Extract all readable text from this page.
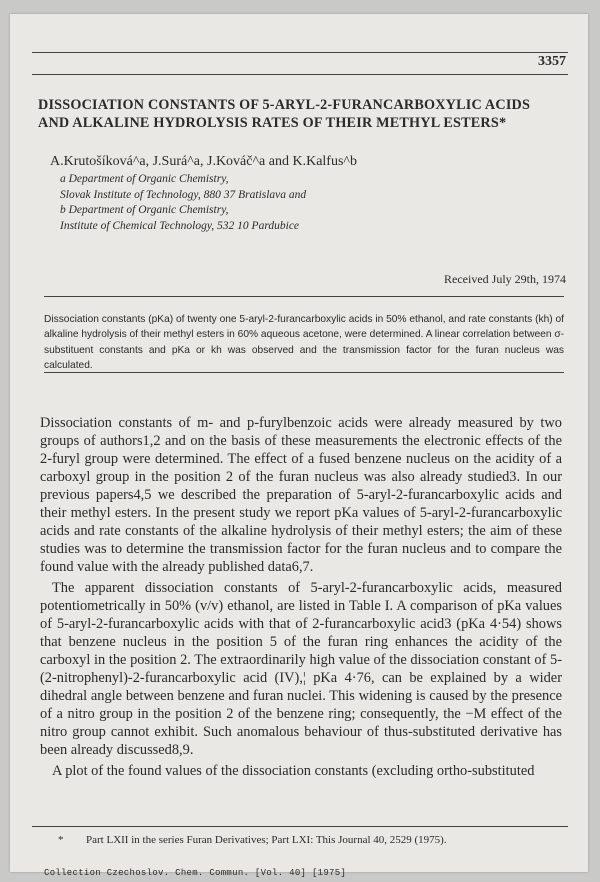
3357
DISSOCIATION CONSTANTS OF 5-ARYL-2-FURANCARBOXYLIC ACIDS
AND ALKALINE HYDROLYSIS RATES OF THEIR METHYL ESTERS*
A.Krutošíková^a, J.Surá^a, J.Kováč^a and K.Kalfus^b
a Department of Organic Chemistry,
Slovak Institute of Technology, 880 37 Bratislava and
b Department of Organic Chemistry,
Institute of Chemical Technology, 532 10 Pardubice
Received July 29th, 1974
Dissociation constants (pKa) of twenty one 5-aryl-2-furancarboxylic acids in 50% ethanol, and rate constants (kh) of alkaline hydrolysis of their methyl esters in 60% aqueous acetone, were determined. A linear correlation between σ-substituent constants and pKa or kh was observed and the transmission factor for the furan nucleus was calculated.

Dissociation constants of m- and p-furylbenzoic acids were already measured by two groups of authors1,2 and on the basis of these measurements the electronic effects of the 2-furyl group were determined. The effect of a fused benzene nucleus on the acidity of a carboxyl group in the position 2 of the furan nucleus was also already studied3. In our previous papers4,5 we described the preparation of 5-aryl-2-furancarboxylic acids and their methyl esters. In the present study we report pKa values of 5-aryl-2-furancarboxylic acids and rate constants of the alkaline hydrolysis of their methyl esters; the aim of these studies was to determine the transmission factor for the furan nucleus and to compare the found value with the already published data6,7.

The apparent dissociation constants of 5-aryl-2-furancarboxylic acids, measured potentiometrically in 50% (v/v) ethanol, are listed in Table I. A comparison of pKa values of 5-aryl-2-furancarboxylic acids with that of 2-furancarboxylic acid3 (pKa 4·54) shows that benzene nucleus in the position 5 of the furan ring enhances the acidity of the carboxyl in the position 2. The extraordinarily high value of the dissociation constant of 5-(2-nitrophenyl)-2-furancarboxylic acid (IV),¦ pKa 4·76, can be explained by a wider dihedral angle between benzene and furan nuclei. This widening is caused by the presence of a nitro group in the position 2 of the benzene ring; consequently, the −M effect of the nitro group cannot exhibit. Such anomalous behaviour of thus-substituted derivative has been already discussed8,9.

A plot of the found values of the dissociation constants (excluding ortho-substituted

* Part LXII in the series Furan Derivatives; Part LXI: This Journal 40, 2529 (1975).
Collection Czechoslov. Chem. Commun. [Vol. 40] [1975]
